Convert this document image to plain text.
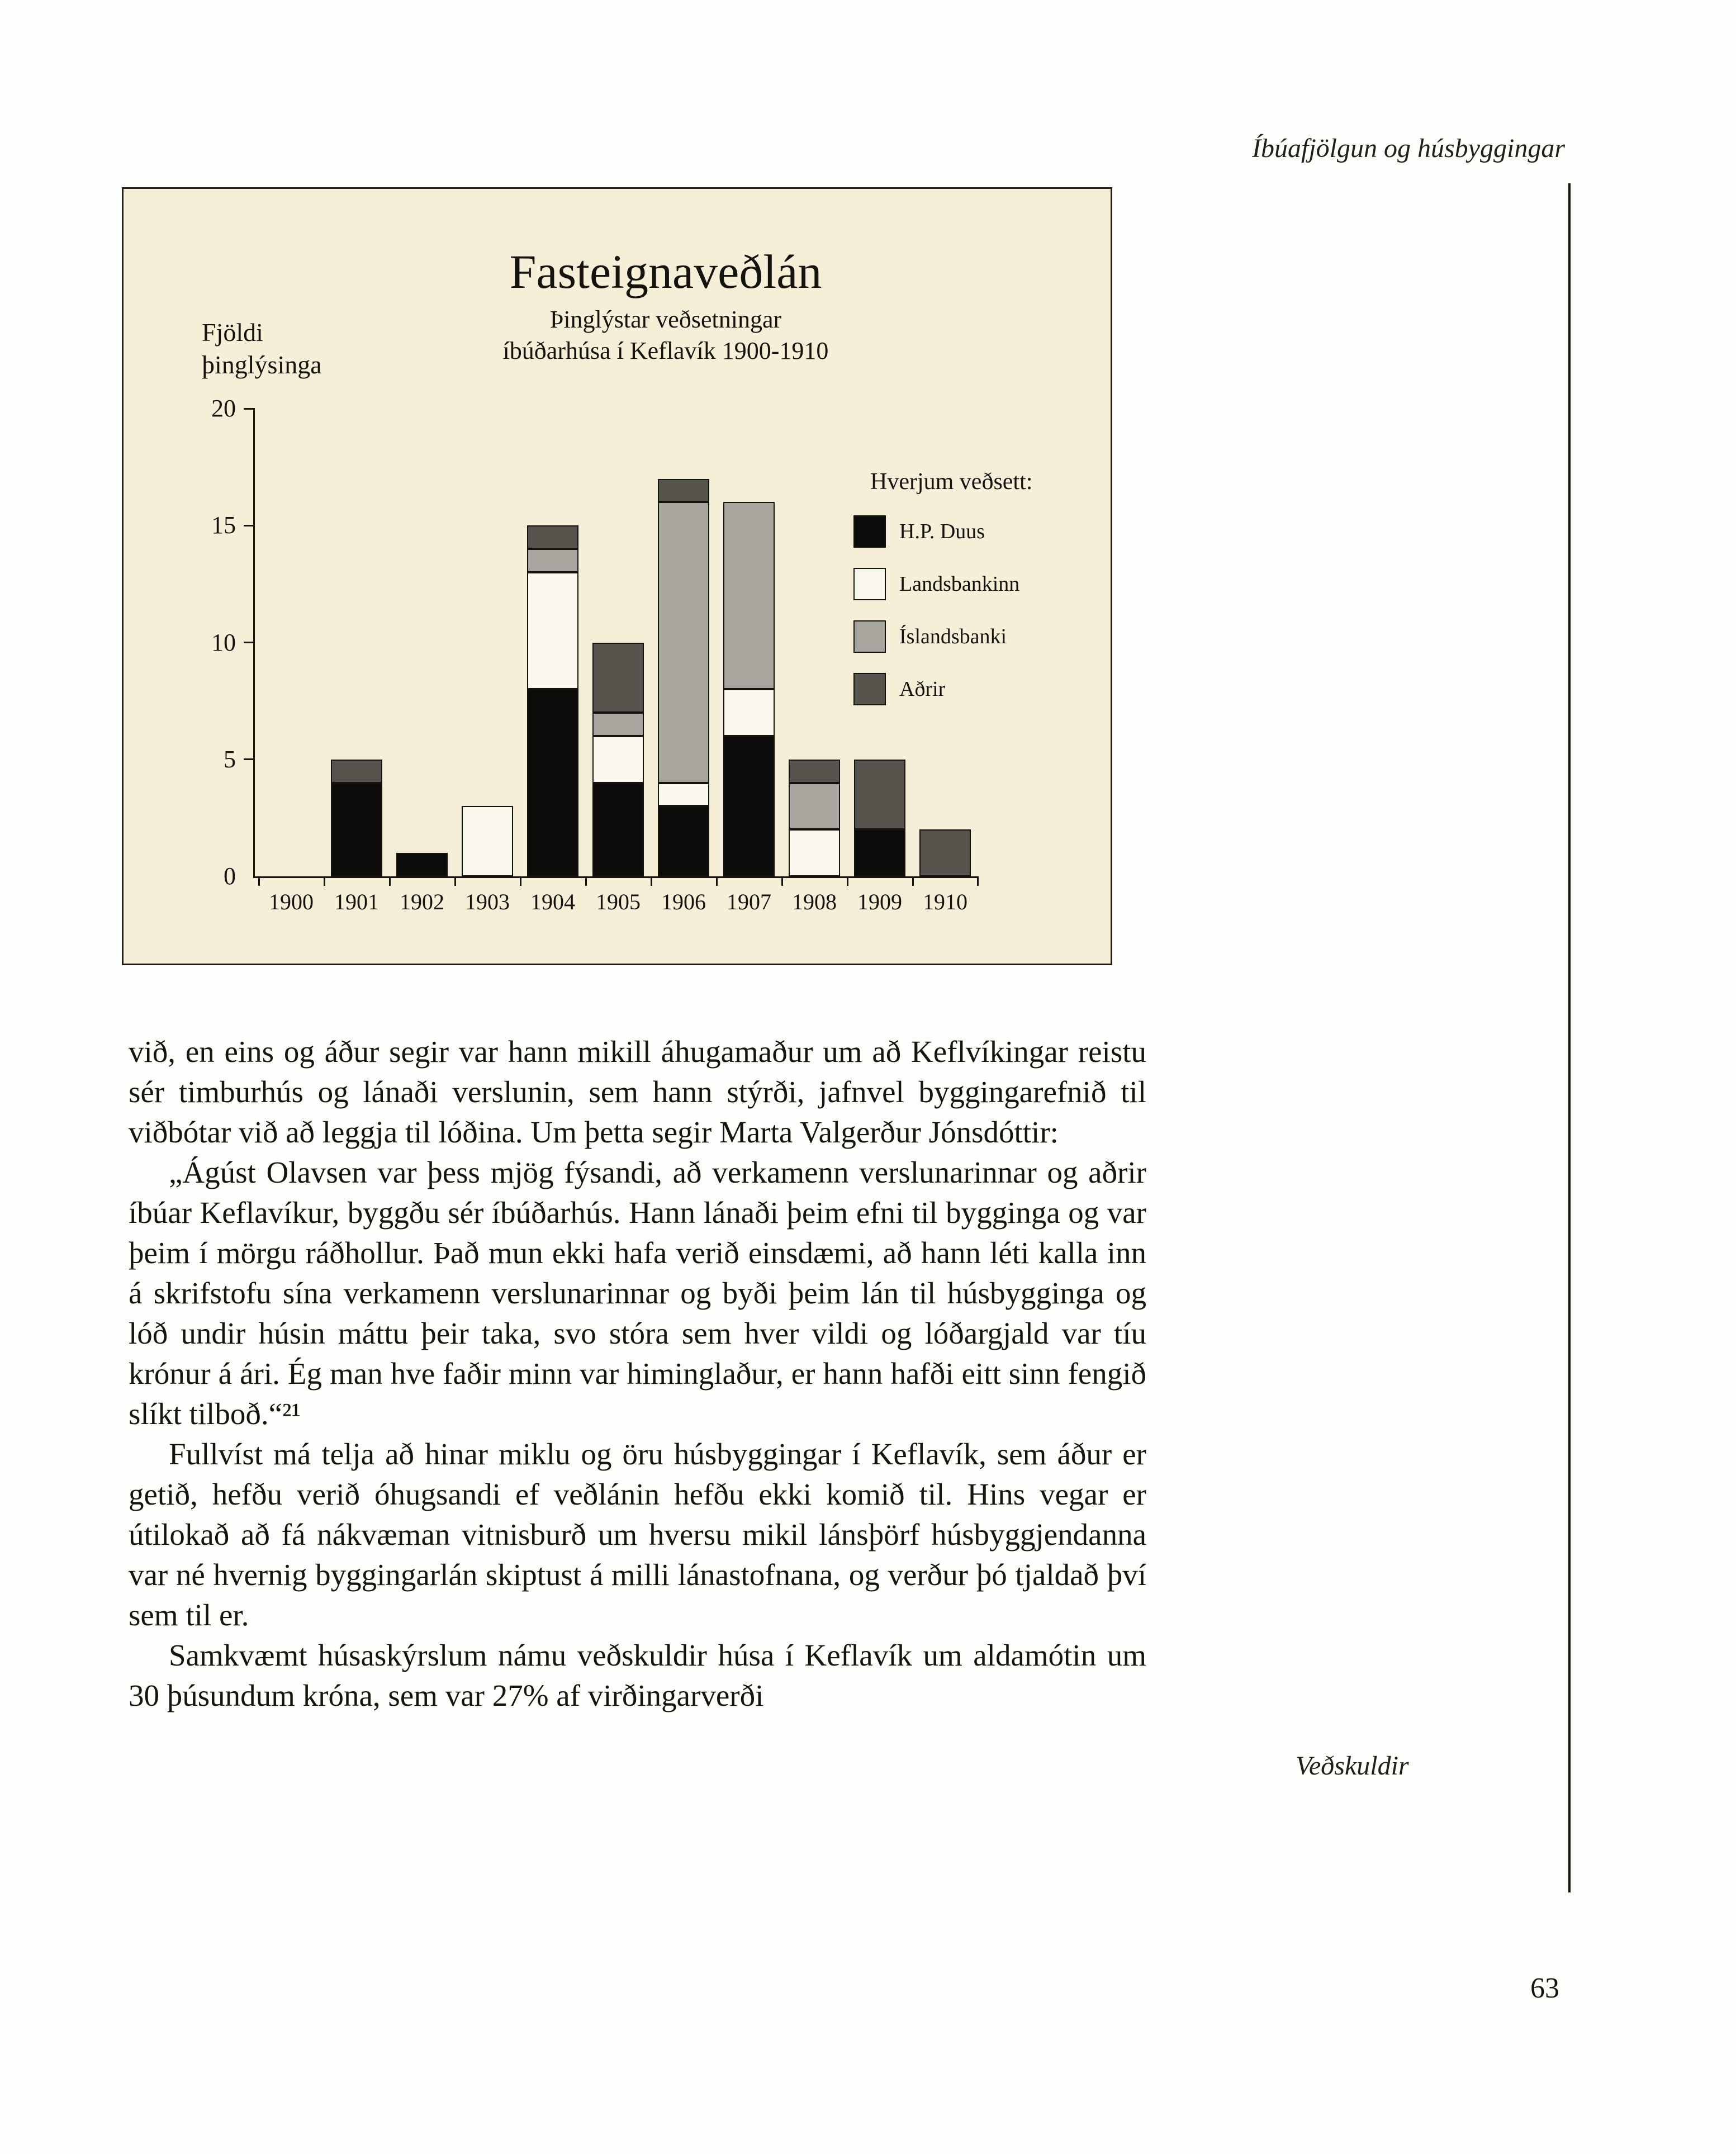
Íbúafjölgun og húsbyggingar
Fasteignaveðlán
Þinglýstar veðsetningar
íbúðarhúsa í Keflavík 1900-1910
Fjöldi
þinglýsinga
0
5
10
15
20
1900 1901 1902 1903 1904 1905 1906 1907 1908 1909 1910
Hverjum veðsett:
H.P. Duus
Landsbankinn
Íslandsbanki
Aðrir

við, en eins og áður segir var hann mikill áhugamaður um að Keflvíkingar reistu sér timburhús og lánaði verslunin, sem hann stýrði, jafnvel byggingarefnið til viðbótar við að leggja til lóðina. Um þetta segir Marta Valgerður Jónsdóttir:

„Ágúst Olavsen var þess mjög fýsandi, að verkamenn verslunarinnar og aðrir íbúar Keflavíkur, byggðu sér íbúðarhús. Hann lánaði þeim efni til bygginga og var þeim í mörgu ráðhollur. Það mun ekki hafa verið einsdæmi, að hann léti kalla inn á skrifstofu sína verkamenn verslunarinnar og byði þeim lán til húsbygginga og lóð undir húsin máttu þeir taka, svo stóra sem hver vildi og lóðargjald var tíu krónur á ári. Ég man hve faðir minn var himinglaður, er hann hafði eitt sinn fengið slíkt tilboð.“²¹

Fullvíst má telja að hinar miklu og öru húsbyggingar í Keflavík, sem áður er getið, hefðu verið óhugsandi ef veðlánin hefðu ekki komið til. Hins vegar er útilokað að fá nákvæman vitnisburð um hversu mikil lánsþörf húsbyggjendanna var né hvernig byggingarlán skiptust á milli lánastofnana, og verður þó tjaldað því sem til er.

Samkvæmt húsaskýrslum námu veðskuldir húsa í Keflavík um aldamótin um 30 þúsundum króna, sem var 27% af virðingarverði

Veðskuldir
63
